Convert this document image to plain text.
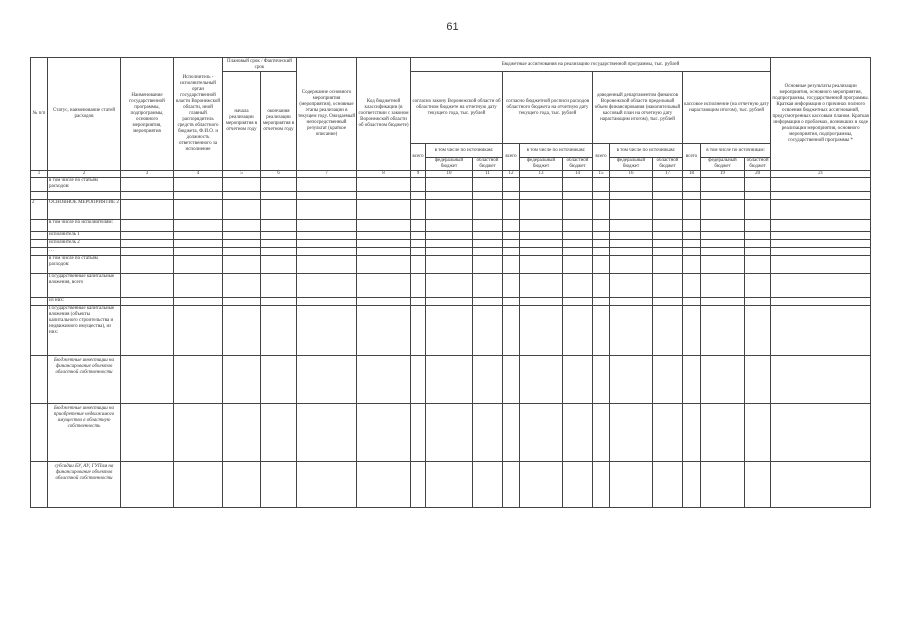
61
№ п/п	Статус, наименование статей расходов	Наименование государственной программы, подпрограммы, основного мероприятия, мероприятия	Исполнитель - исполнительный орган государственной власти Воронежской области, иной главный распорядитель средств областного бюджета, Ф.И.О. и должность ответственного за исполнение	Плановый срок / Фактический срок		Содержание основного мероприятия (мероприятия), основные этапы реализации в текущем году. Ожидаемый непосредственный результат (краткое описание)	Код бюджетной классификации (в соответствии с законом Воронежской области об областном бюджете)	Бюджетные ассигнования на реализацию государственной программы, тыс. рублей												Основные результаты реализации мероприятия, основного мероприятия, подпрограммы, государственной программы. Краткая информация о причинах полного освоения бюджетных ассигнований, предусмотренных кассовым планом. Краткая информация о проблемах, возникших в ходе реализации мероприятия, основного мероприятия, подпрограммы, государственной программы *
				начала реализации мероприятия в отчетном году	окончания реализации мероприятия в отчетном году			согласно закону Воронежской области об областном бюджете на отчетную дату текущего года, тыс. рублей			согласно бюджетной росписи расходов областного бюджета на отчетную дату текущего года, тыс. рублей			доведенный департаментом финансов Воронежской области предельный объем финансирования (накопительный кассовый план на отчетную дату нарастающим итогом), тыс. рублей			кассовое исполнение (на отчетную дату нарастающим итогом), тыс. рублей			
								всего	в том числе по источникам:		всего	в том числе по источникам:		всего	в том числе по источникам:		всего	в том числе по источникам:		
									федеральный бюджет	областной бюджет		федеральный бюджет	областной бюджет		федеральный бюджет	областной бюджет		федеральный бюджет	областной бюджет	

1	2	3	4	5	6	7	8	9	10	11	12	13	14	15	16	17	18	19	20	21
	в том числе по статьям расходов:																			

2	ОСНОВНОЕ МЕРОПРИЯТИЕ 2																			
	в том числе по исполнителям:																			
	исполнитель 1																			
	исполнитель 2																			
	…																			
	в том числе по статьям расходов:																			
	Государственные капитальные вложения, всего																			
	из них:																			
	Государственные капитальные вложения (объекты капитального строительства и недвижимого имущества), из них:																			
	Бюджетные инвестиции на финансирование объектов областной собственности																			
	Бюджетные инвестиции на приобретение недвижимого имущества в областную собственность																			
	субсидии БУ, АУ, ГУПам на финансирование объектов областной собственности																			
